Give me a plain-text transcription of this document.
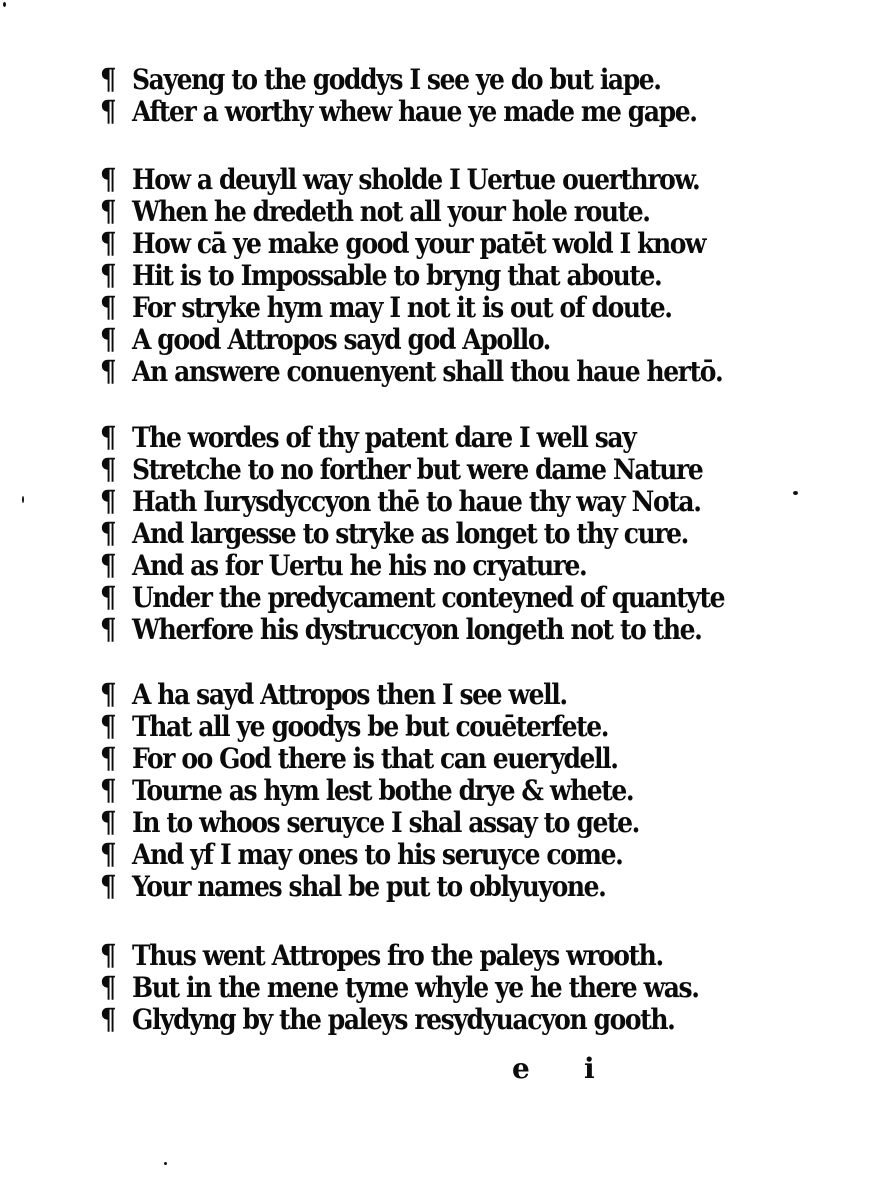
¶ Sayeng to the goddys I see ye do but iape.
¶ After a worthy whew haue ye made me gape.
¶ How a deuyll way sholde I Uertue ouerthrow.
¶ When he dredeth not all your hole route.
¶ How cā ye make good your patēt wold I know
¶ Hit is to Impossable to bryng that aboute.
¶ For stryke hym may I not it is out of doute.
¶ A good Attropos sayd god Apollo.
¶ An answere conuenyent shall thou haue hertō.
¶ The wordes of thy patent dare I well say
¶ Stretche to no forther but were dame Nature
¶ Hath Iurysdyccyon thē to haue thy way Nota.
¶ And largesse to stryke as longet to thy cure.
¶ And as for Uertu he his no cryature.
¶ Under the predycament conteyned of quantyte
¶ Wherfore his dystruccyon longeth not to the.
¶ A ha sayd Attropos then I see well.
¶ That all ye goodys be but couēterfete.
¶ For oo God there is that can euerydell.
¶ Tourne as hym lest bothe drye & whete.
¶ In to whoos seruyce I shal assay to gete.
¶ And yf I may ones to his seruyce come.
¶ Your names shal be put to oblyuyone.
¶ Thus went Attropes fro the paleys wrooth.
¶ But in the mene tyme whyle ye he there was.
¶ Glydyng by the paleys resydyuacyon gooth.
e i
